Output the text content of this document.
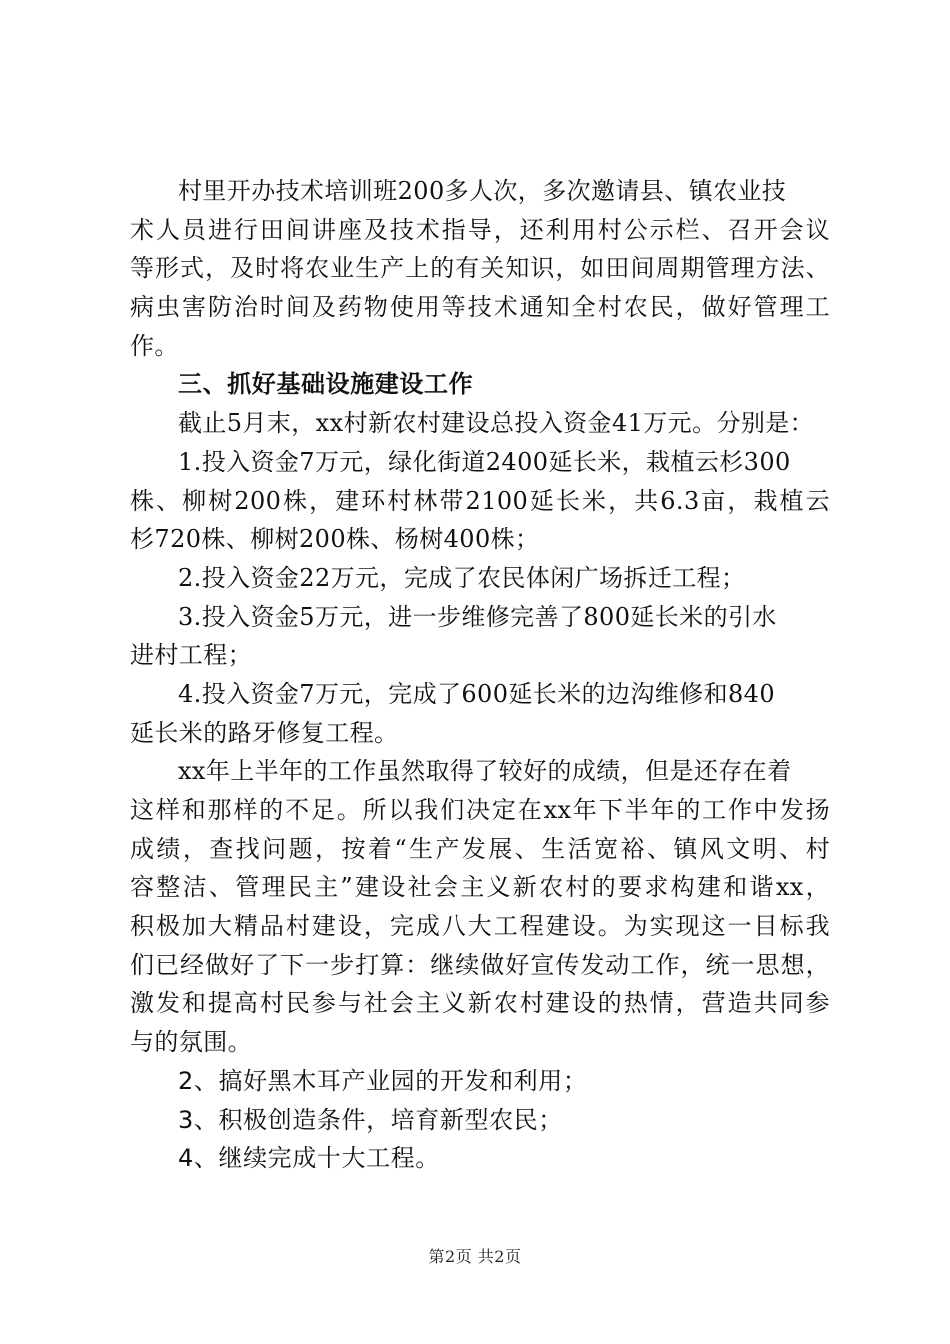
村里开办技术培训班200多人次，多次邀请县、镇农业技
术人员进行田间讲座及技术指导，还利用村公示栏、召开会议
等形式，及时将农业生产上的有关知识，如田间周期管理方法、
病虫害防治时间及药物使用等技术通知全村农民，做好管理工
作。
三、抓好基础设施建设工作
截止5月末，xx村新农村建设总投入资金41万元。分别是：
1.投入资金7万元，绿化街道2400延长米，栽植云杉300
株、柳树200株，建环村林带2100延长米，共6.3亩，栽植云
杉720株、柳树200株、杨树400株；
2.投入资金22万元，完成了农民体闲广场拆迁工程；
3.投入资金5万元，进一步维修完善了800延长米的引水
进村工程；
4.投入资金7万元，完成了600延长米的边沟维修和840
延长米的路牙修复工程。
xx年上半年的工作虽然取得了较好的成绩，但是还存在着
这样和那样的不足。所以我们决定在xx年下半年的工作中发扬
成绩，查找问题，按着“生产发展、生活宽裕、镇风文明、村
容整洁、管理民主”建设社会主义新农村的要求构建和谐xx，
积极加大精品村建设，完成八大工程建设。为实现这一目标我
们已经做好了下一步打算：继续做好宣传发动工作，统一思想，
激发和提高村民参与社会主义新农村建设的热情，营造共同参
与的氛围。
2、搞好黑木耳产业园的开发和利用；
3、积极创造条件，培育新型农民；
4、继续完成十大工程。
第2页 共2页
